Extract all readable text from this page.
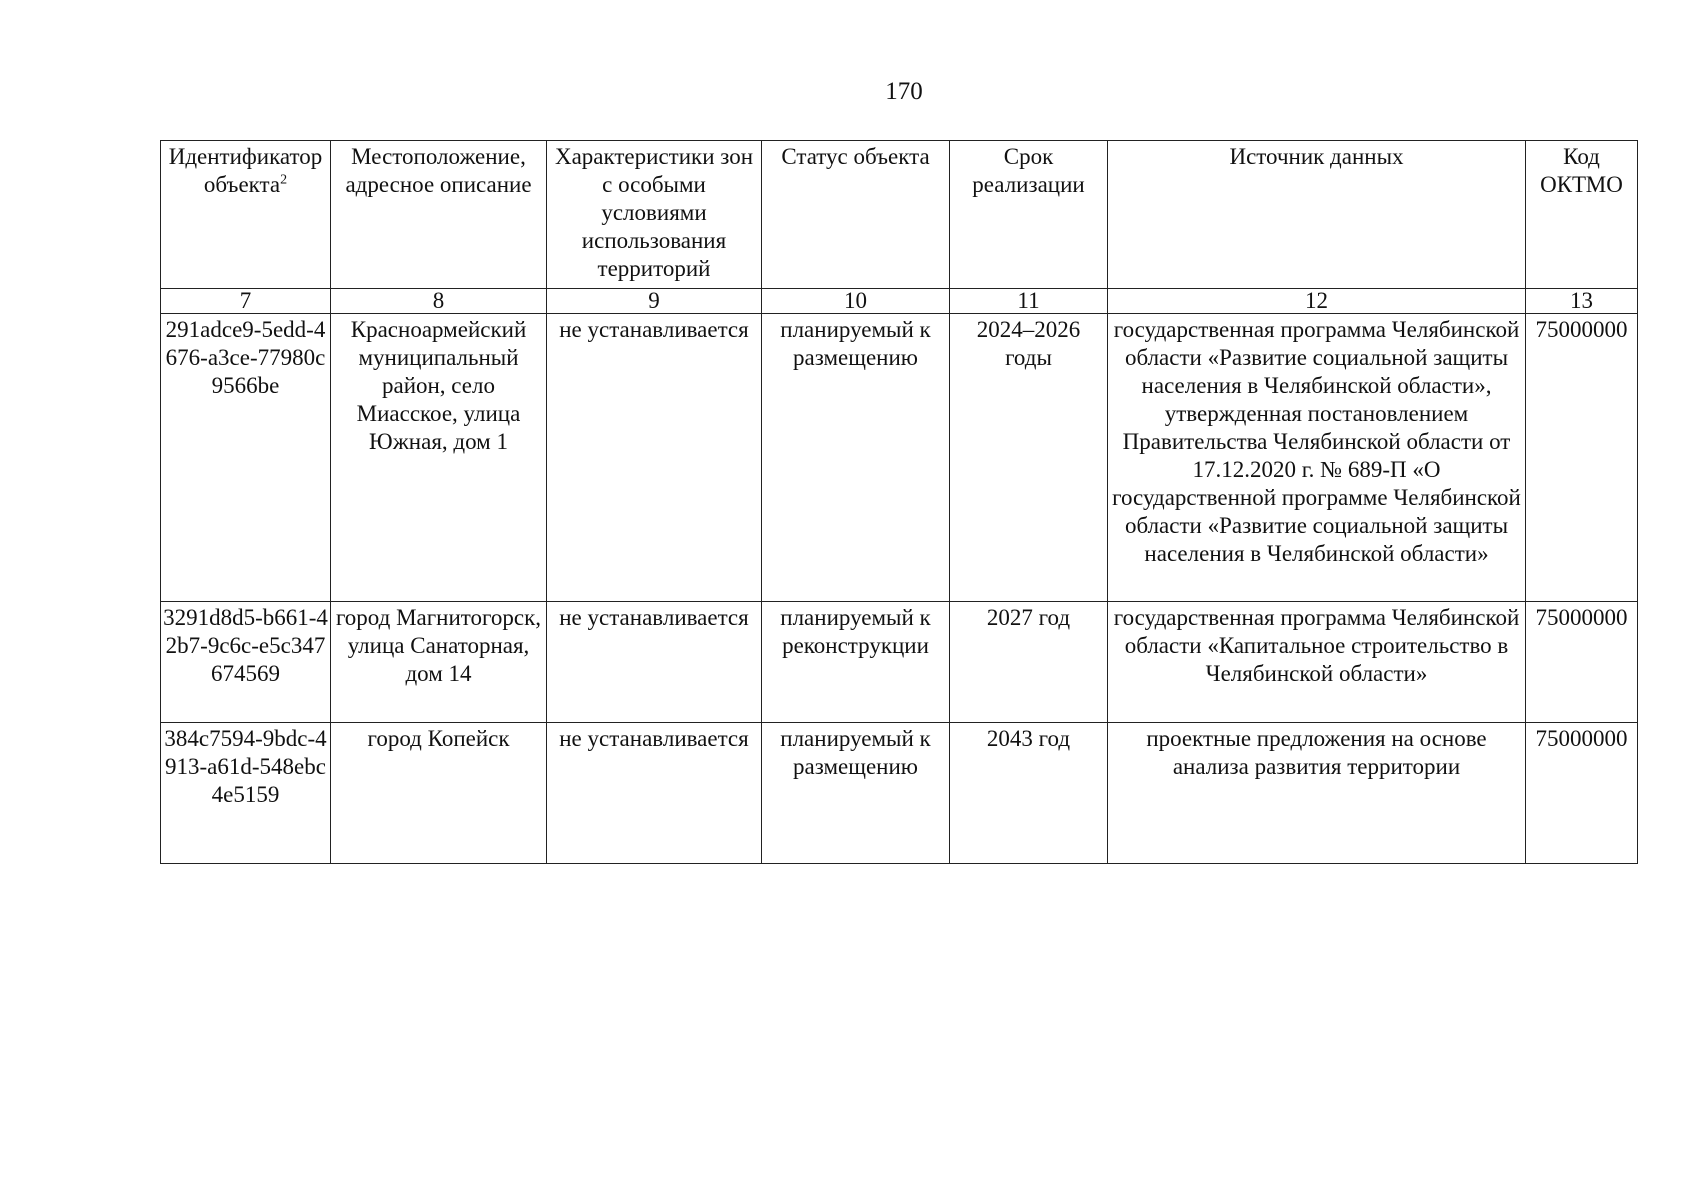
170
Идентификатор объекта$^2$	Местоположение, адресное описание	Характеристики зон с особыми условиями использования территорий	Статус объекта	Срок реализации	Источник данных	Код ОКТМО
7	8	9	10	11	12	13
291adce9-5edd-4676-a3ce-77980c9566be	Красноармейский муниципальный район, село Миасское, улица Южная, дом 1	не устанавливается	планируемый к размещению	2024–2026 годы	государственная программа Челябинской области «Развитие социальной защиты населения в Челябинской области», утвержденная постановлением Правительства Челябинской области от 17.12.2020 г. № 689-П «О государственной программе Челябинской области «Развитие социальной защиты населения в Челябинской области»	75000000
3291d8d5-b661-42b7-9c6c-e5c347674569	город Магнитогорск, улица Санаторная, дом 14	не устанавливается	планируемый к реконструкции	2027 год	государственная программа Челябинской области «Капитальное строительство в Челябинской области»	75000000
384c7594-9bdc-4913-a61d-548ebc4e5159	город Копейск	не устанавливается	планируемый к размещению	2043 год	проектные предложения на основе анализа развития территории	75000000
